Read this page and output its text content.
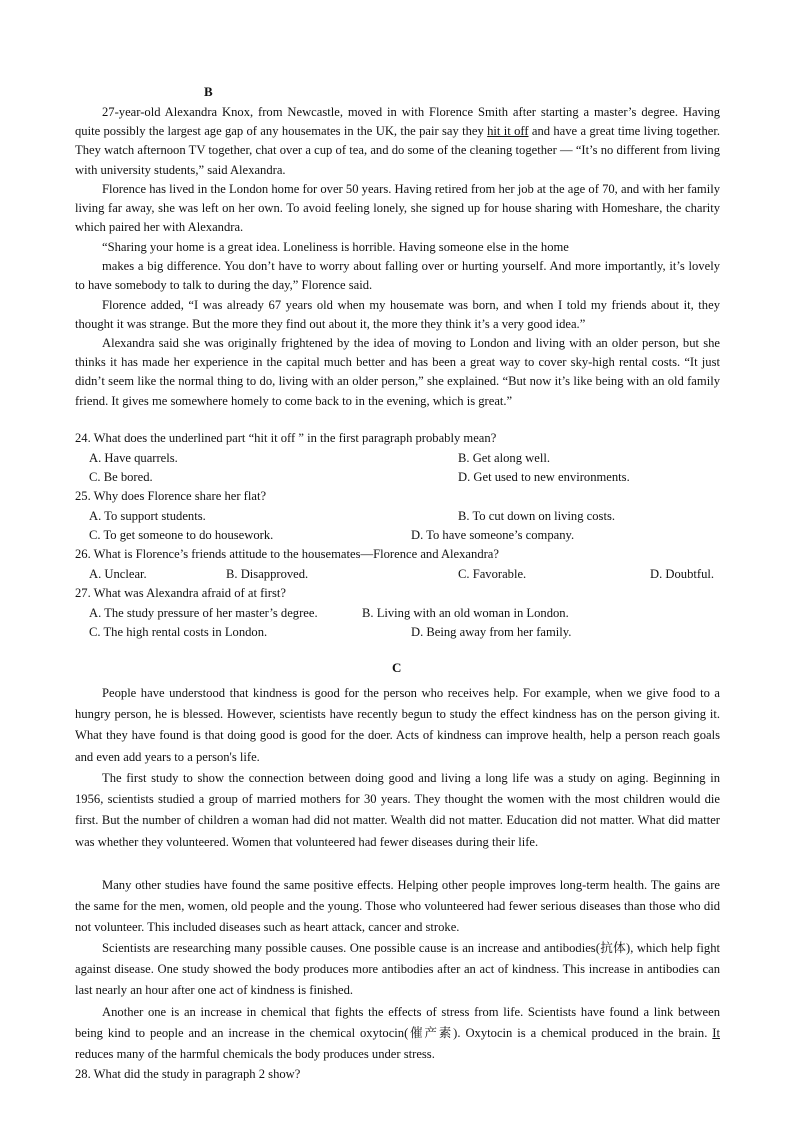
B

27-year-old Alexandra Knox, from Newcastle, moved in with Florence Smith after starting a master’s degree. Having quite possibly the largest age gap of any housemates in the UK, the pair say they hit it off and have a great time living together. They watch afternoon TV together, chat over a cup of tea, and do some of the cleaning together — “It’s no different from living with university students,” said Alexandra.

Florence has lived in the London home for over 50 years. Having retired from her job at the age of 70, and with her family living far away, she was left on her own. To avoid feeling lonely, she signed up for house sharing with Homeshare, the charity which paired her with Alexandra.

“Sharing your home is a great idea. Loneliness is horrible. Having someone else in the home

makes a big difference. You don’t have to worry about falling over or hurting yourself. And more importantly, it’s lovely to have somebody to talk to during the day,” Florence said.

Florence added, “I was already 67 years old when my housemate was born, and when I told my friends about it, they thought it was strange. But the more they find out about it, the more they think it’s a very good idea.”

Alexandra said she was originally frightened by the idea of moving to London and living with an older person, but she thinks it has made her experience in the capital much better and has been a great way to cover sky-high rental costs. “It just didn’t seem like the normal thing to do, living with an older person,” she explained. “But now it’s like being with an old family friend. It gives me somewhere homely to come back to in the evening, which is great.”

24. What does the underlined part “hit it off ” in the first paragraph probably mean?
A. Have quarrels.	B. Get along well.
C. Be bored.	D. Get used to new environments.
25. Why does Florence share her flat?
A. To support students.	B. To cut down on living costs.
C. To get someone to do housework.	D. To have someone’s company.
26. What is Florence’s friends attitude to the housemates—Florence and Alexandra?
A. Unclear.	B. Disapproved.	C. Favorable.	D. Doubtful.
27. What was Alexandra afraid of at first?
A. The study pressure of her master’s degree.	B. Living with an old woman in London.
C. The high rental costs in London.	D. Being away from her family.
C

People have understood that kindness is good for the person who receives help. For example, when we give food to a hungry person, he is blessed. However, scientists have recently begun to study the effect kindness has on the person giving it. What they have found is that doing good is good for the doer. Acts of kindness can improve health, help a person reach goals and even add years to a person's life.

The first study to show the connection between doing good and living a long life was a study on aging. Beginning in 1956, scientists studied a group of married mothers for 30 years. They thought the women with the most children would die first. But the number of children a woman had did not matter. Wealth did not matter. Education did not matter. What did matter was whether they volunteered. Women that volunteered had fewer diseases during their life.

Many other studies have found the same positive effects. Helping other people improves long-term health. The gains are the same for the men, women, old people and the young. Those who volunteered had fewer serious diseases than those who did not volunteer. This included diseases such as heart attack, cancer and stroke.

Scientists are researching many possible causes. One possible cause is an increase and antibodies(抗体), which help fight against disease. One study showed the body produces more antibodies after an act of kindness. This increase in antibodies can last nearly an hour after one act of kindness is finished.

Another one is an increase in chemical that fights the effects of stress from life. Scientists have found a link between being kind to people and an increase in the chemical oxytocin(催产素). Oxytocin is a chemical produced in the brain. It reduces many of the harmful chemicals the body produces under stress.

28. What did the study in paragraph 2 show?
